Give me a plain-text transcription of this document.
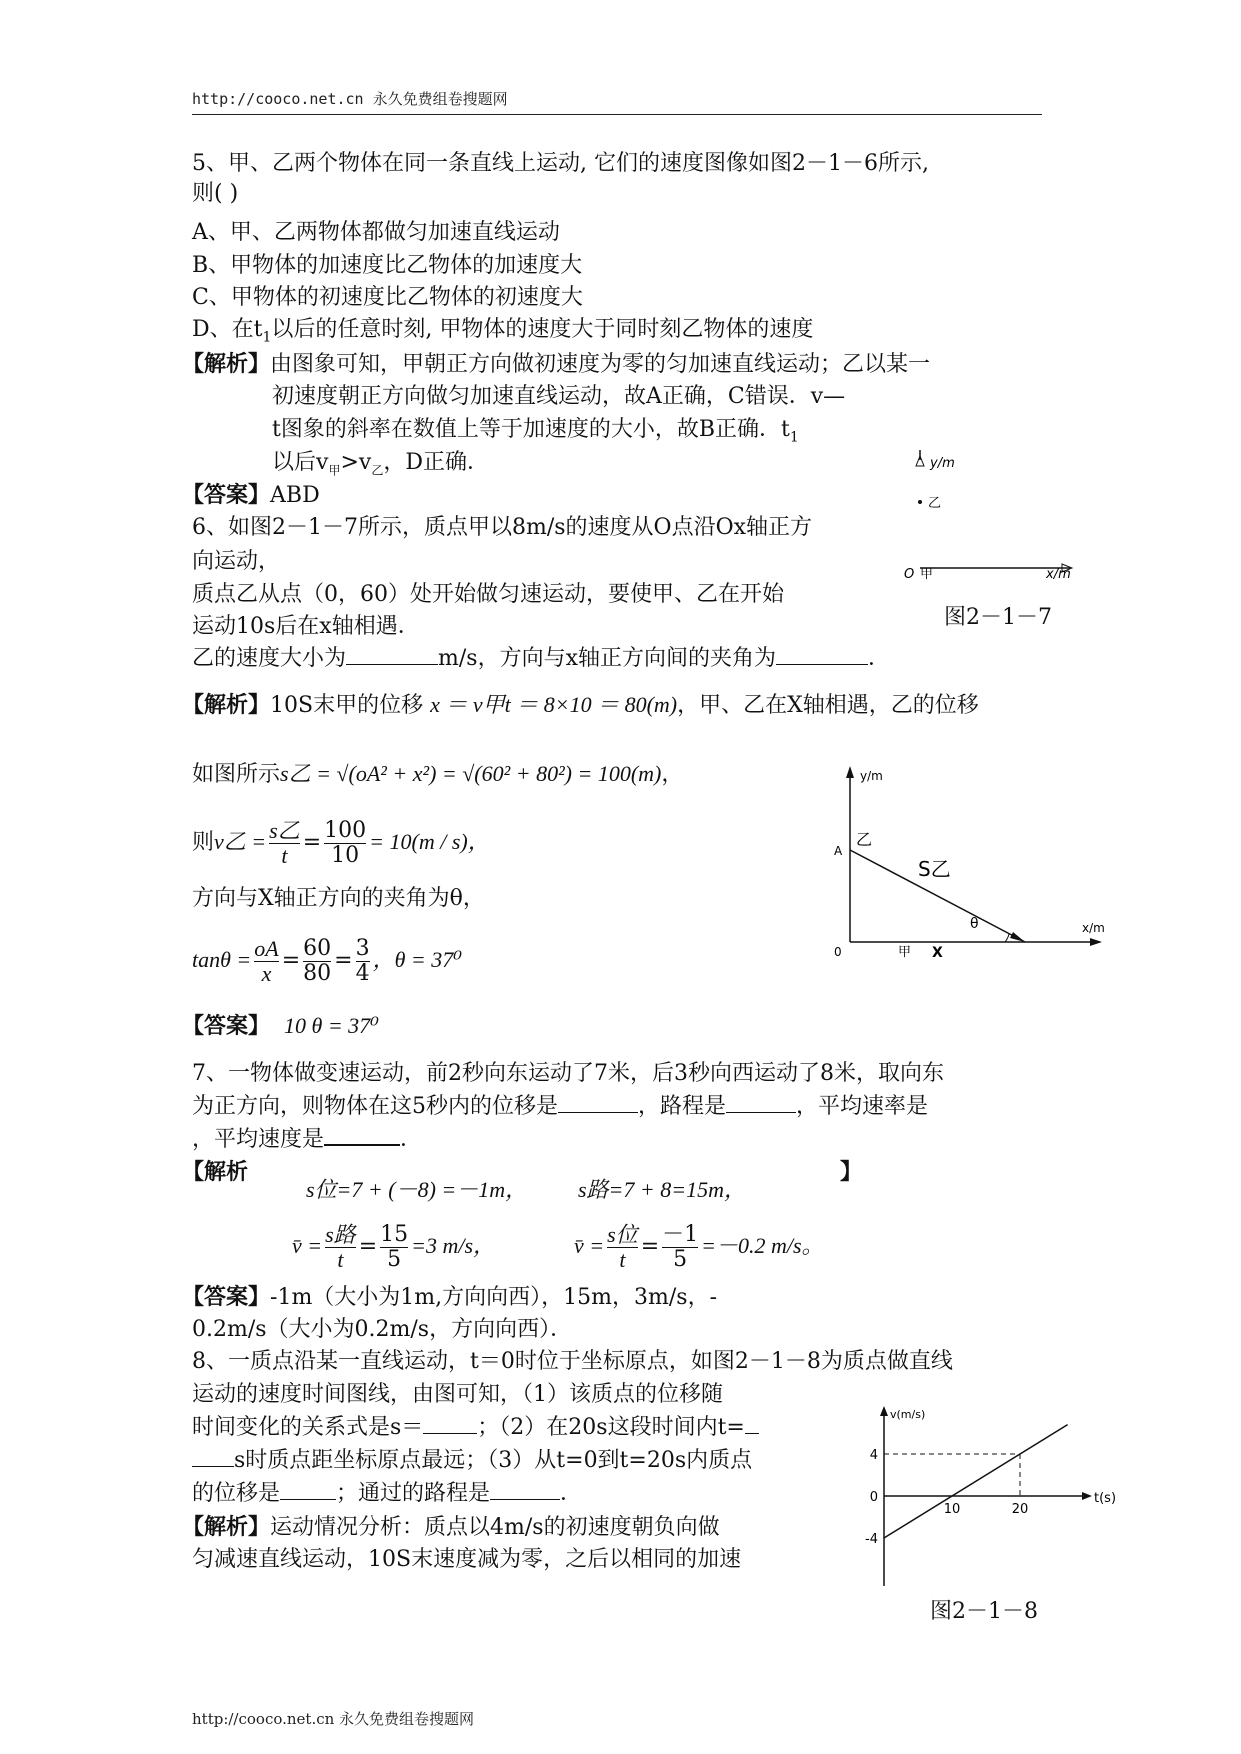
http://cooco.net.cn 永久免费组卷搜题网
5、甲、乙两个物体在同一条直线上运动, 它们的速度图像如图2－1－6所示,
则( )
A、甲、乙两物体都做匀加速直线运动
B、甲物体的加速度比乙物体的加速度大
C、甲物体的初速度比乙物体的初速度大
D、在$t_1$以后的任意时刻, 甲物体的速度大于同时刻乙物体的速度
【解析】由图象可知，甲朝正方向做初速度为零的匀加速直线运动；乙以某一
初速度朝正方向做匀加速直线运动，故A正确，C错误．v—
t图象的斜率在数值上等于加速度的大小，故B正确．$t_1$
以后$v_甲>v_乙$，D正确．
【答案】ABD
y/m
乙
O 甲	x/m
6、如图2－1－7所示，质点甲以8m/s的速度从O点沿Ox轴正方
向运动，
质点乙从点（0，60）处开始做匀速运动，要使甲、乙在开始
运动10s后在x轴相遇．	图2－1－7
乙的速度大小为	m/s，方向与x轴正方向间的夹角为	．
【解析】10S末甲的位移 x ＝ v甲t ＝ 8×10 ＝ 80(m)，甲、乙在X轴相遇，乙的位移
如图所示s乙 = √(oA² + x²) = √(60² + 80²) = 100(m)，
则v乙 = $\frac{\text{s乙}}{t} = \frac{100}{10} = 10(m / s)$，
方向与X轴正方向的夹角为θ，
$\tan\theta = \frac{oA}{x} = \frac{60}{80} = \frac{3}{4}$ ，θ = 37⁰
【答案】 10 θ = 37⁰
y/m
A
乙
S乙
θ
0	甲 X
x/m
7、一物体做变速运动，前2秒向东运动了7米，后3秒向西运动了8米，取向东
为正方向，则物体在这5秒内的位移是	，路程是	，平均速率是
，平均速度是	．
【解析	】
s位=7 + (－8) =－1m， s路=7 + 8=15m，
v̄ = $\frac{\text{s路}}{t} = \frac{15}{5} =3$ m/s，	v̄ = $\frac{\text{s位}}{t} = \frac{-1}{5} =-0.2$ m/s。
【答案】-1m（大小为1m,方向向西），15m，3m/s，-
0.2m/s（大小为0.2m/s，方向向西）．
8、一质点沿某一直线运动，t＝0时位于坐标原点，如图2－1－8为质点做直线
运动的速度时间图线，由图可知，（1）该质点的位移随
时间变化的关系式是s＝ ；（2）在20s这段时间内t=
s时质点距坐标原点最远；（3）从t=0到t=20s内质点
的位移是	；通过的路程是	．
【解析】运动情况分析：质点以4m/s的初速度朝负向做
匀减速直线运动，10S末速度减为零，之后以相同的加速
v(m/s)
t(s)
4
0
-4
10	20
图2－1－8
http://cooco.net.cn 永久免费组卷搜题网
